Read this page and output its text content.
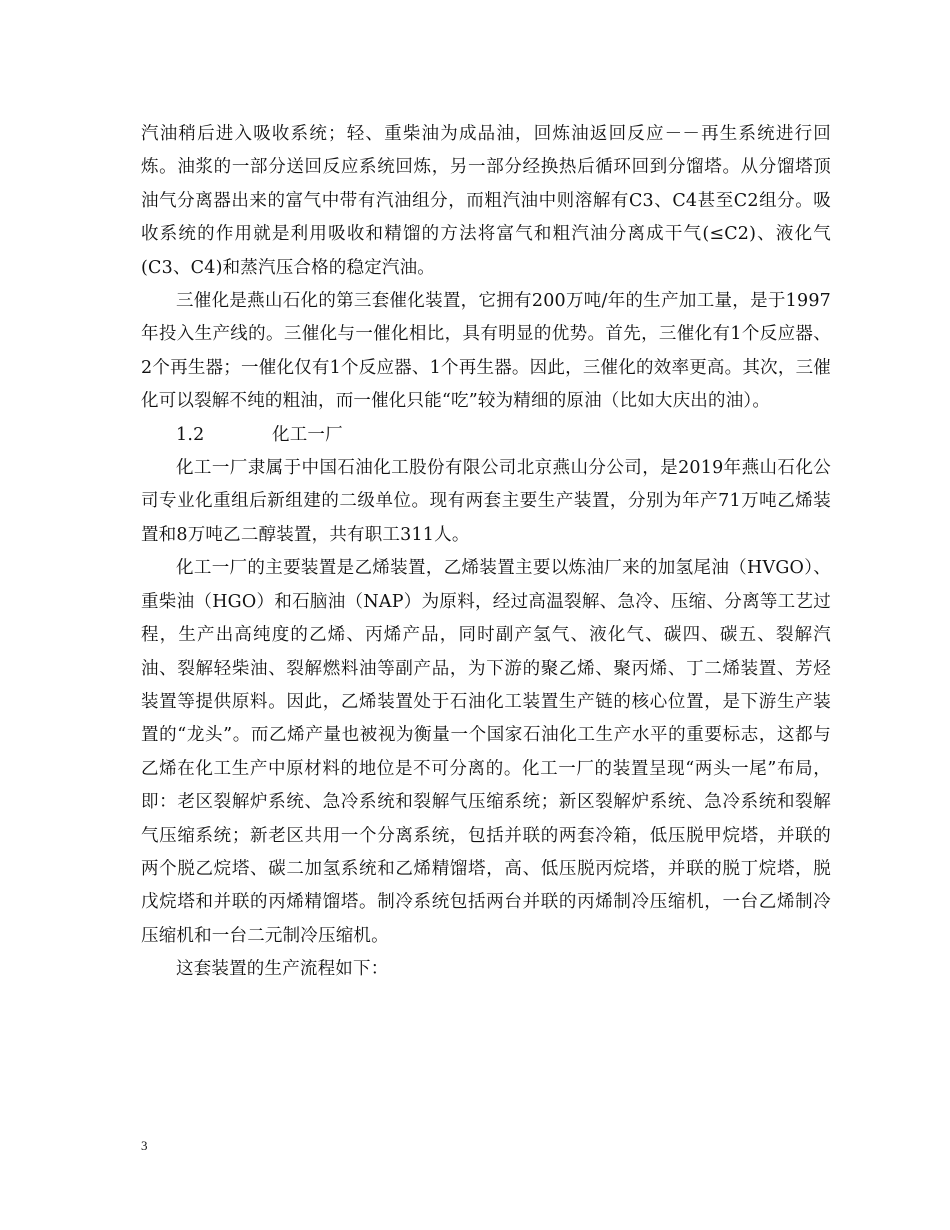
汽油稍后进入吸收系统；轻、重柴油为成品油，回炼油返回反应－－再生系统进行回炼。油浆的一部分送回反应系统回炼，另一部分经换热后循环回到分馏塔。从分馏塔顶油气分离器出来的富气中带有汽油组分，而粗汽油中则溶解有C3、C4甚至C2组分。吸收系统的作用就是利用吸收和精馏的方法将富气和粗汽油分离成干气(≤C2)、液化气(C3、C4)和蒸汽压合格的稳定汽油。

三催化是燕山石化的第三套催化装置，它拥有200万吨/年的生产加工量，是于1997年投入生产线的。三催化与一催化相比，具有明显的优势。首先，三催化有1个反应器、2个再生器；一催化仅有1个反应器、1个再生器。因此，三催化的效率更高。其次，三催化可以裂解不纯的粗油，而一催化只能“吃”较为精细的原油（比如大庆出的油）。

1.2	化工一厂

化工一厂隶属于中国石油化工股份有限公司北京燕山分公司，是2019年燕山石化公司专业化重组后新组建的二级单位。现有两套主要生产装置，分别为年产71万吨乙烯装置和8万吨乙二醇装置，共有职工311人。

化工一厂的主要装置是乙烯装置，乙烯装置主要以炼油厂来的加氢尾油（HVGO）、重柴油（HGO）和石脑油（NAP）为原料，经过高温裂解、急冷、压缩、分离等工艺过程，生产出高纯度的乙烯、丙烯产品，同时副产氢气、液化气、碳四、碳五、裂解汽油、裂解轻柴油、裂解燃料油等副产品，为下游的聚乙烯、聚丙烯、丁二烯装置、芳烃装置等提供原料。因此，乙烯装置处于石油化工装置生产链的核心位置，是下游生产装置的“龙头”。而乙烯产量也被视为衡量一个国家石油化工生产水平的重要标志，这都与乙烯在化工生产中原材料的地位是不可分离的。化工一厂的装置呈现“两头一尾”布局，即：老区裂解炉系统、急冷系统和裂解气压缩系统；新区裂解炉系统、急冷系统和裂解气压缩系统；新老区共用一个分离系统，包括并联的两套冷箱，低压脱甲烷塔，并联的两个脱乙烷塔、碳二加氢系统和乙烯精馏塔，高、低压脱丙烷塔，并联的脱丁烷塔，脱戊烷塔和并联的丙烯精馏塔。制冷系统包括两台并联的丙烯制冷压缩机，一台乙烯制冷压缩机和一台二元制冷压缩机。

这套装置的生产流程如下：

3
